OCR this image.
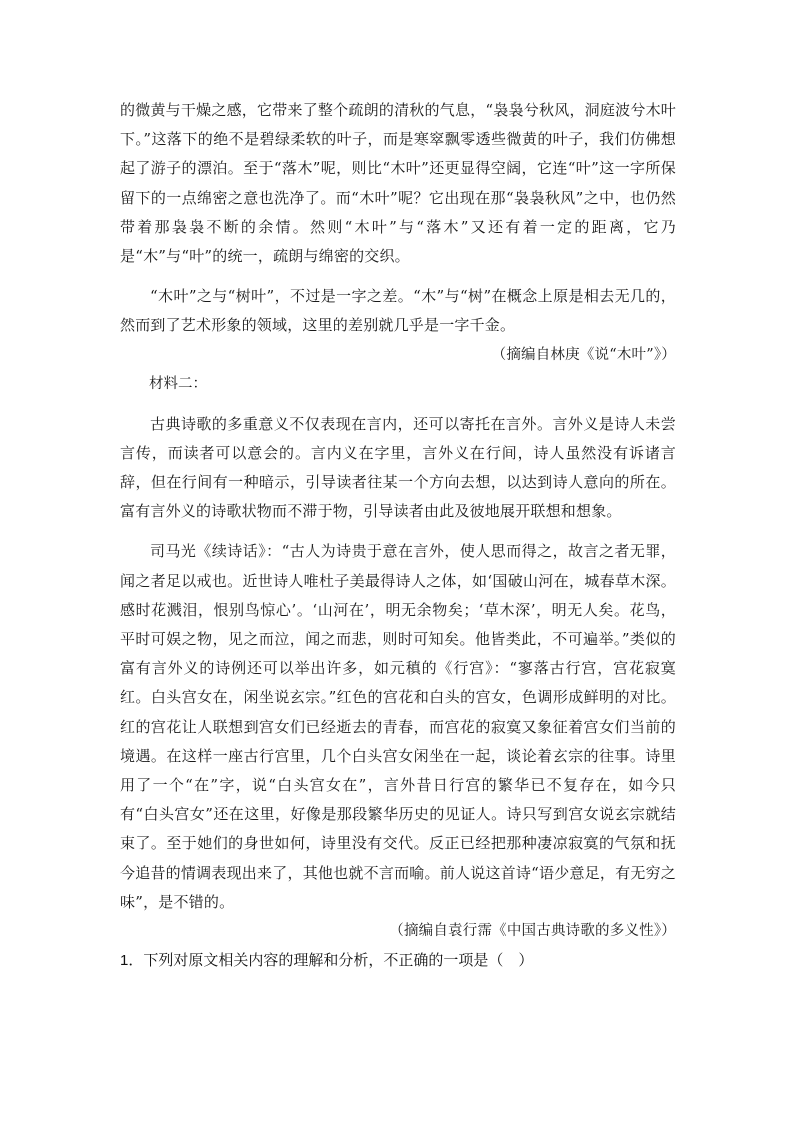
的微黄与干燥之感，它带来了整个疏朗的清秋的气息，“袅袅兮秋风，洞庭波兮木叶下。”这落下的绝不是碧绿柔软的叶子，而是寒窣飘零透些微黄的叶子，我们仿佛想起了游子的漂泊。至于“落木”呢，则比“木叶”还更显得空阔，它连“叶”这一字所保留下的一点绵密之意也洗净了。而“木叶”呢？它出现在那“袅袅秋风”之中，也仍然带着那袅袅不断的余情。然则“木叶”与“落木”又还有着一定的距离，它乃是“木”与“叶”的统一，疏朗与绵密的交织。

“木叶”之与“树叶”，不过是一字之差。“木”与“树”在概念上原是相去无几的，然而到了艺术形象的领域，这里的差别就几乎是一字千金。

（摘编自林庚《说“木叶”》）

材料二：

古典诗歌的多重意义不仅表现在言内，还可以寄托在言外。言外义是诗人未尝言传，而读者可以意会的。言内义在字里，言外义在行间，诗人虽然没有诉诸言辞，但在行间有一种暗示，引导读者往某一个方向去想，以达到诗人意向的所在。富有言外义的诗歌状物而不滞于物，引导读者由此及彼地展开联想和想象。

司马光《续诗话》：“古人为诗贵于意在言外，使人思而得之，故言之者无罪，闻之者足以戒也。近世诗人唯杜子美最得诗人之体，如‘国破山河在，城春草木深。感时花溅泪，恨别鸟惊心’。‘山河在’，明无余物矣；‘草木深’，明无人矣。花鸟，平时可娱之物，见之而泣，闻之而悲，则时可知矣。他皆类此，不可遍举。”类似的富有言外义的诗例还可以举出许多，如元稹的《行宫》：“寥落古行宫，宫花寂寞红。白头宫女在，闲坐说玄宗。”红色的宫花和白头的宫女，色调形成鲜明的对比。红的宫花让人联想到宫女们已经逝去的青春，而宫花的寂寞又象征着宫女们当前的境遇。在这样一座古行宫里，几个白头宫女闲坐在一起，谈论着玄宗的往事。诗里用了一个“在”字，说“白头宫女在”，言外昔日行宫的繁华已不复存在，如今只有“白头宫女”还在这里，好像是那段繁华历史的见证人。诗只写到宫女说玄宗就结束了。至于她们的身世如何，诗里没有交代。反正已经把那种凄凉寂寞的气氛和抚今追昔的情调表现出来了，其他也就不言而喻。前人说这首诗“语少意足，有无穷之味”，是不错的。

（摘编自袁行霈《中国古典诗歌的多义性》）

1．下列对原文相关内容的理解和分析，不正确的一项是（　）
